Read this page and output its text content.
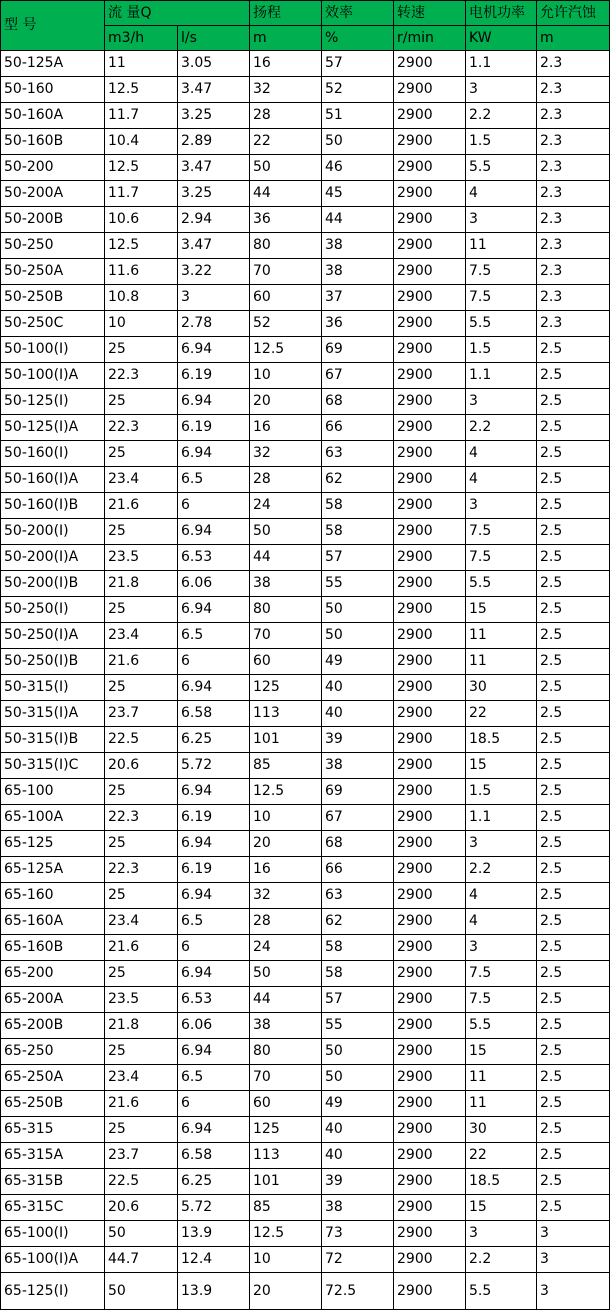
型 号	流 量Q		扬程	效率	转速	电机功率	允许汽蚀
	m3/h	l/s	m	%	r/min	KW	m
50-125A	11	3.05	16	57	2900	1.1	2.3
50-160	12.5	3.47	32	52	2900	3	2.3
50-160A	11.7	3.25	28	51	2900	2.2	2.3
50-160B	10.4	2.89	22	50	2900	1.5	2.3
50-200	12.5	3.47	50	46	2900	5.5	2.3
50-200A	11.7	3.25	44	45	2900	4	2.3
50-200B	10.6	2.94	36	44	2900	3	2.3
50-250	12.5	3.47	80	38	2900	11	2.3
50-250A	11.6	3.22	70	38	2900	7.5	2.3
50-250B	10.8	3	60	37	2900	7.5	2.3
50-250C	10	2.78	52	36	2900	5.5	2.3
50-100(I)	25	6.94	12.5	69	2900	1.5	2.5
50-100(I)A	22.3	6.19	10	67	2900	1.1	2.5
50-125(I)	25	6.94	20	68	2900	3	2.5
50-125(I)A	22.3	6.19	16	66	2900	2.2	2.5
50-160(I)	25	6.94	32	63	2900	4	2.5
50-160(I)A	23.4	6.5	28	62	2900	4	2.5
50-160(I)B	21.6	6	24	58	2900	3	2.5
50-200(I)	25	6.94	50	58	2900	7.5	2.5
50-200(I)A	23.5	6.53	44	57	2900	7.5	2.5
50-200(I)B	21.8	6.06	38	55	2900	5.5	2.5
50-250(I)	25	6.94	80	50	2900	15	2.5
50-250(I)A	23.4	6.5	70	50	2900	11	2.5
50-250(I)B	21.6	6	60	49	2900	11	2.5
50-315(I)	25	6.94	125	40	2900	30	2.5
50-315(I)A	23.7	6.58	113	40	2900	22	2.5
50-315(I)B	22.5	6.25	101	39	2900	18.5	2.5
50-315(I)C	20.6	5.72	85	38	2900	15	2.5
65-100	25	6.94	12.5	69	2900	1.5	2.5
65-100A	22.3	6.19	10	67	2900	1.1	2.5
65-125	25	6.94	20	68	2900	3	2.5
65-125A	22.3	6.19	16	66	2900	2.2	2.5
65-160	25	6.94	32	63	2900	4	2.5
65-160A	23.4	6.5	28	62	2900	4	2.5
65-160B	21.6	6	24	58	2900	3	2.5
65-200	25	6.94	50	58	2900	7.5	2.5
65-200A	23.5	6.53	44	57	2900	7.5	2.5
65-200B	21.8	6.06	38	55	2900	5.5	2.5
65-250	25	6.94	80	50	2900	15	2.5
65-250A	23.4	6.5	70	50	2900	11	2.5
65-250B	21.6	6	60	49	2900	11	2.5
65-315	25	6.94	125	40	2900	30	2.5
65-315A	23.7	6.58	113	40	2900	22	2.5
65-315B	22.5	6.25	101	39	2900	18.5	2.5
65-315C	20.6	5.72	85	38	2900	15	2.5
65-100(I)	50	13.9	12.5	73	2900	3	3
65-100(I)A	44.7	12.4	10	72	2900	2.2	3
65-125(I)	50	13.9	20	72.5	2900	5.5	3
